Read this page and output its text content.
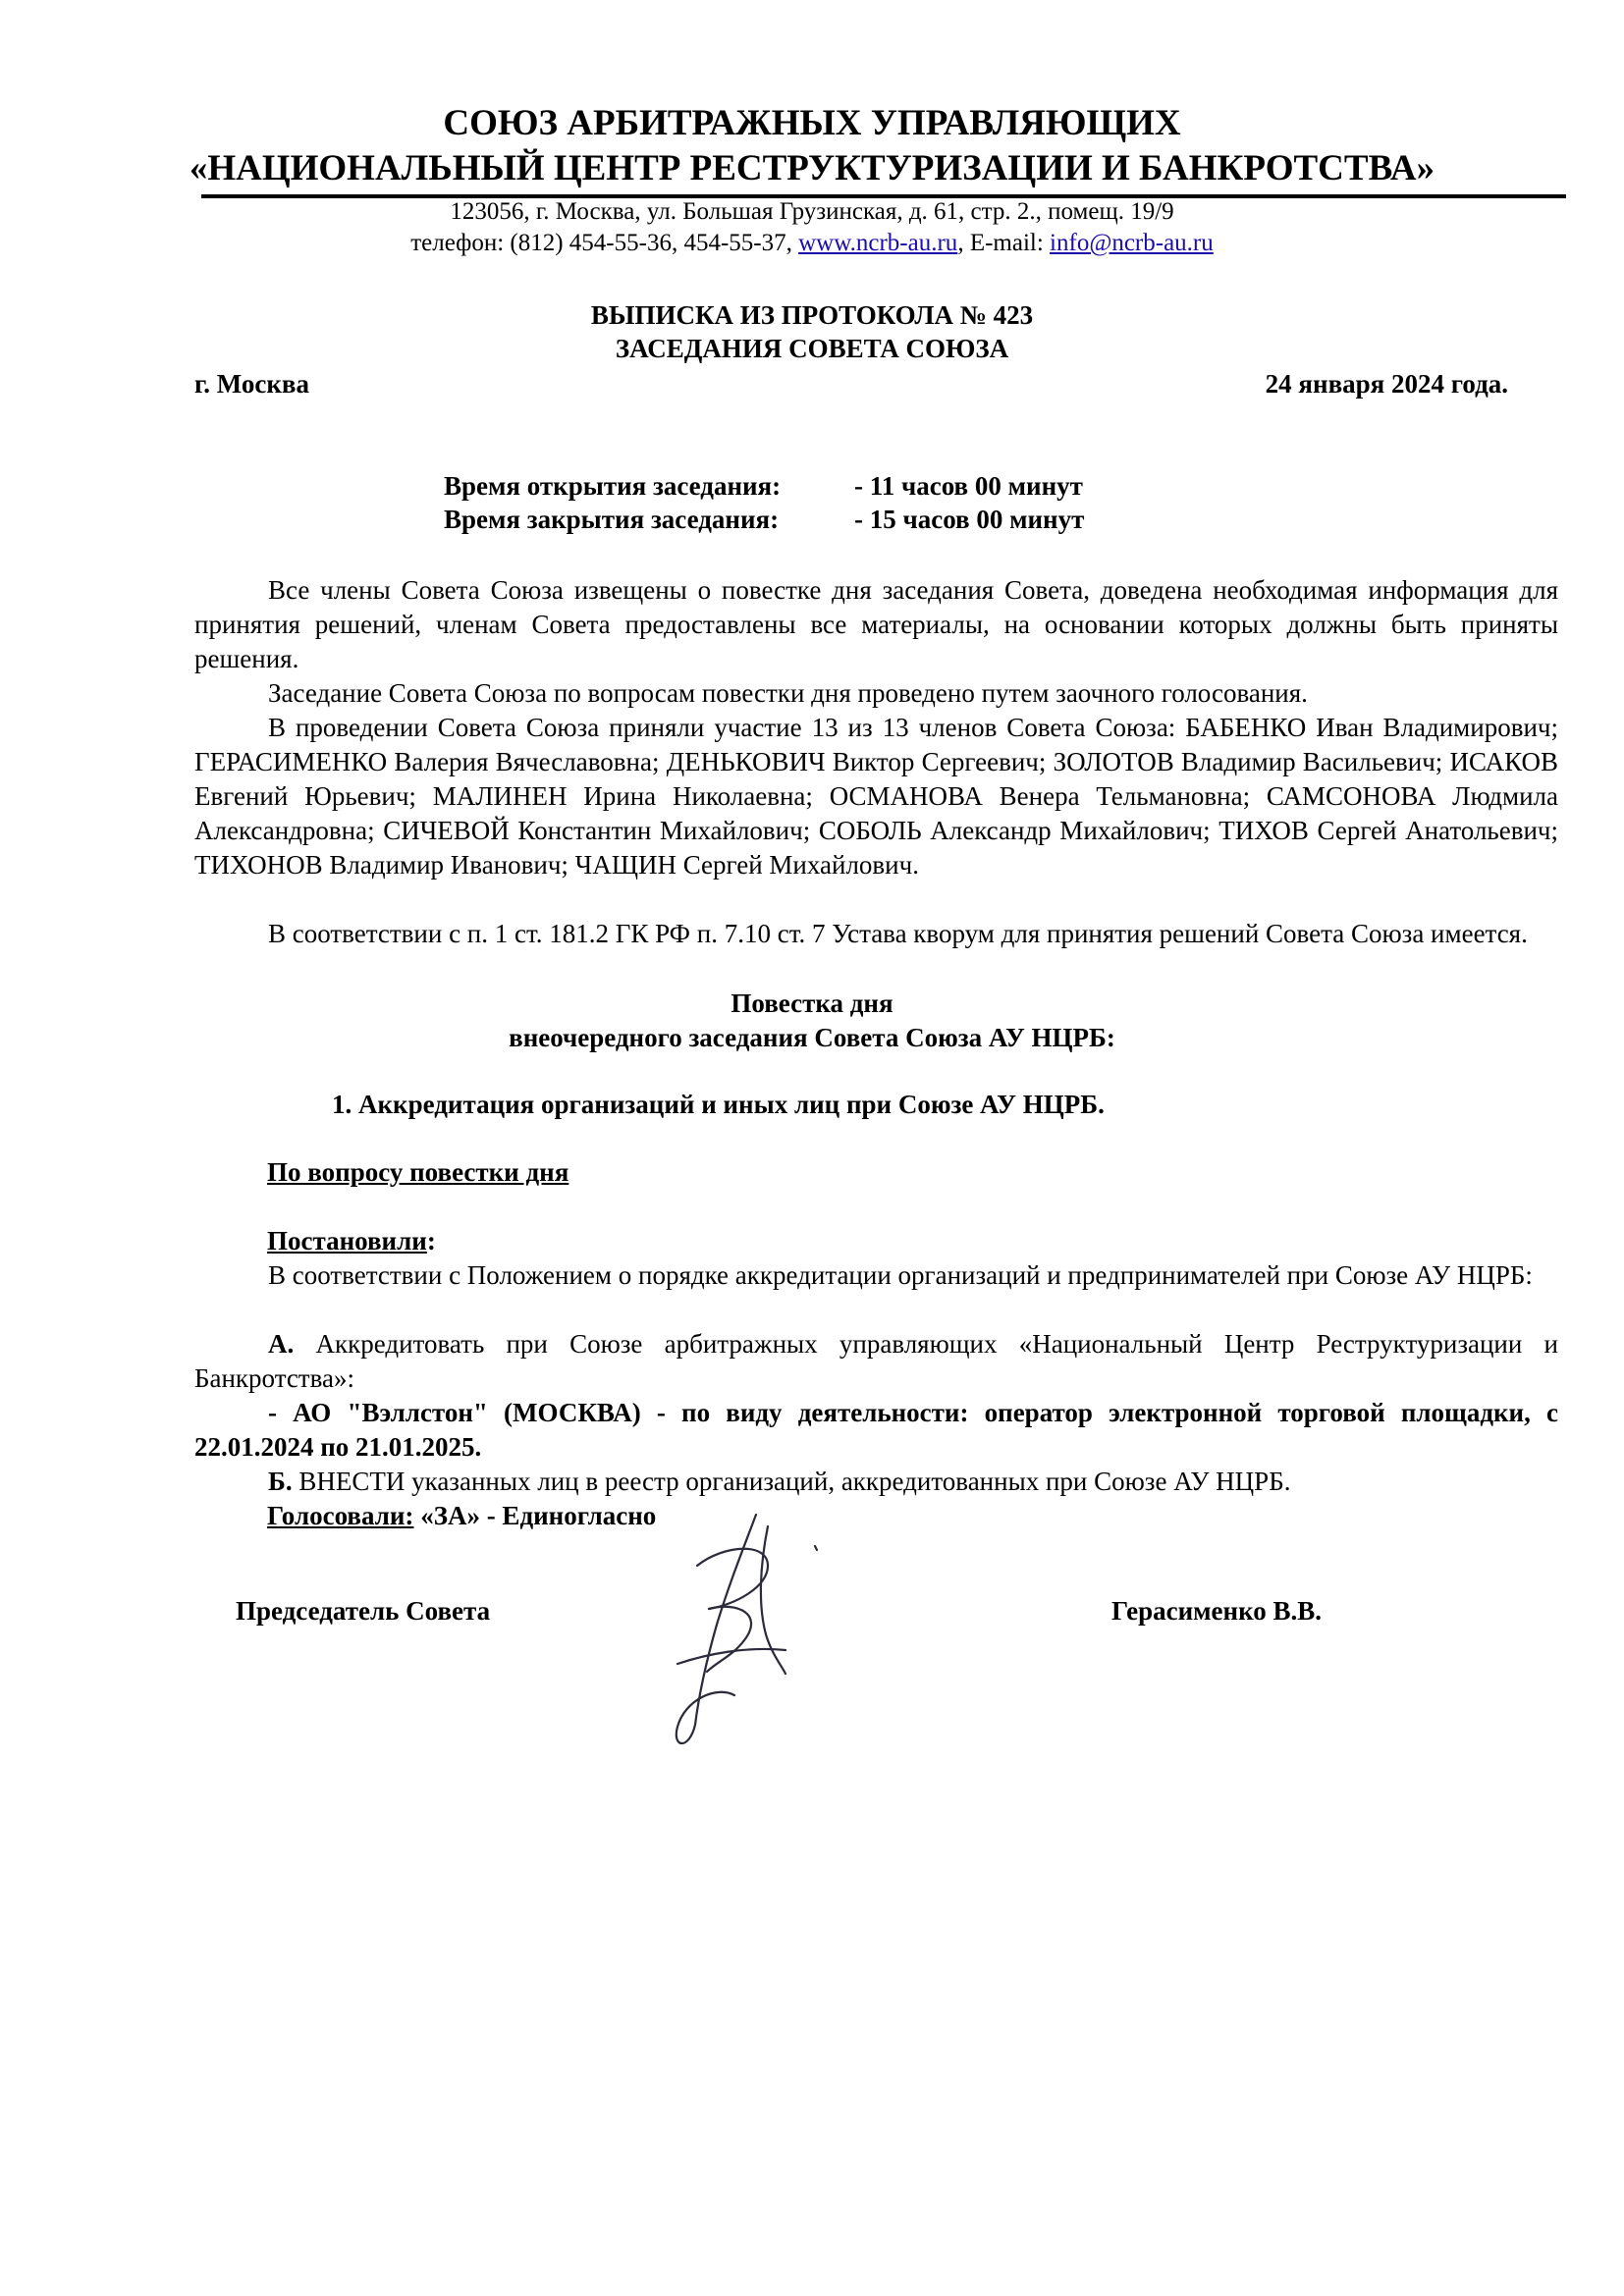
СОЮЗ АРБИТРАЖНЫХ УПРАВЛЯЮЩИХ
«НАЦИОНАЛЬНЫЙ ЦЕНТР РЕСТРУКТУРИЗАЦИИ И БАНКРОТСТВА»
123056, г. Москва, ул. Большая Грузинская, д. 61, стр. 2., помещ. 19/9
телефон: (812) 454-55-36, 454-55-37, www.ncrb-au.ru, E-mail: info@ncrb-au.ru
ВЫПИСКА ИЗ ПРОТОКОЛА № 423
ЗАСЕДАНИЯ СОВЕТА СОЮЗА
г. Москва	24 января 2024 года.
Время открытия заседания:	- 11 часов 00 минут
Время закрытия заседания:	- 15 часов 00 минут

Все члены Совета Союза извещены о повестке дня заседания Совета, доведена необходимая информация для принятия решений, членам Совета предоставлены все материалы, на основании которых должны быть приняты решения.

Заседание Совета Союза по вопросам повестки дня проведено путем заочного голосования.

В проведении Совета Союза приняли участие 13 из 13 членов Совета Союза: БАБЕНКО Иван Владимирович; ГЕРАСИМЕНКО Валерия Вячеславовна; ДЕНЬКОВИЧ Виктор Сергеевич; ЗОЛОТОВ Владимир Васильевич; ИСАКОВ Евгений Юрьевич; МАЛИНЕН Ирина Николаевна; ОСМАНОВА Венера Тельмановна; САМСОНОВА Людмила Александровна; СИЧЕВОЙ Константин Михайлович; СОБОЛЬ Александр Михайлович; ТИХОВ Сергей Анатольевич; ТИХОНОВ Владимир Иванович; ЧАЩИН Сергей Михайлович.

В соответствии с п. 1 ст. 181.2 ГК РФ п. 7.10 ст. 7 Устава кворум для принятия решений Совета Союза имеется.

Повестка дня
внеочередного заседания Совета Союза АУ НЦРБ:
1. Аккредитация организаций и иных лиц при Союзе АУ НЦРБ.
По вопросу повестки дня
Постановили:

В соответствии с Положением о порядке аккредитации организаций и предпринимателей при Союзе АУ НЦРБ:

А. Аккредитовать при Союзе арбитражных управляющих «Национальный Центр Реструктуризации и Банкротства»:

- АО "Вэллстон" (МОСКВА) - по виду деятельности: оператор электронной торговой площадки, с 22.01.2024 по 21.01.2025.

Б. ВНЕСТИ указанных лиц в реестр организаций, аккредитованных при Союзе АУ НЦРБ.

Голосовали: «ЗА» - Единогласно
Председатель Совета	Герасименко В.В.
